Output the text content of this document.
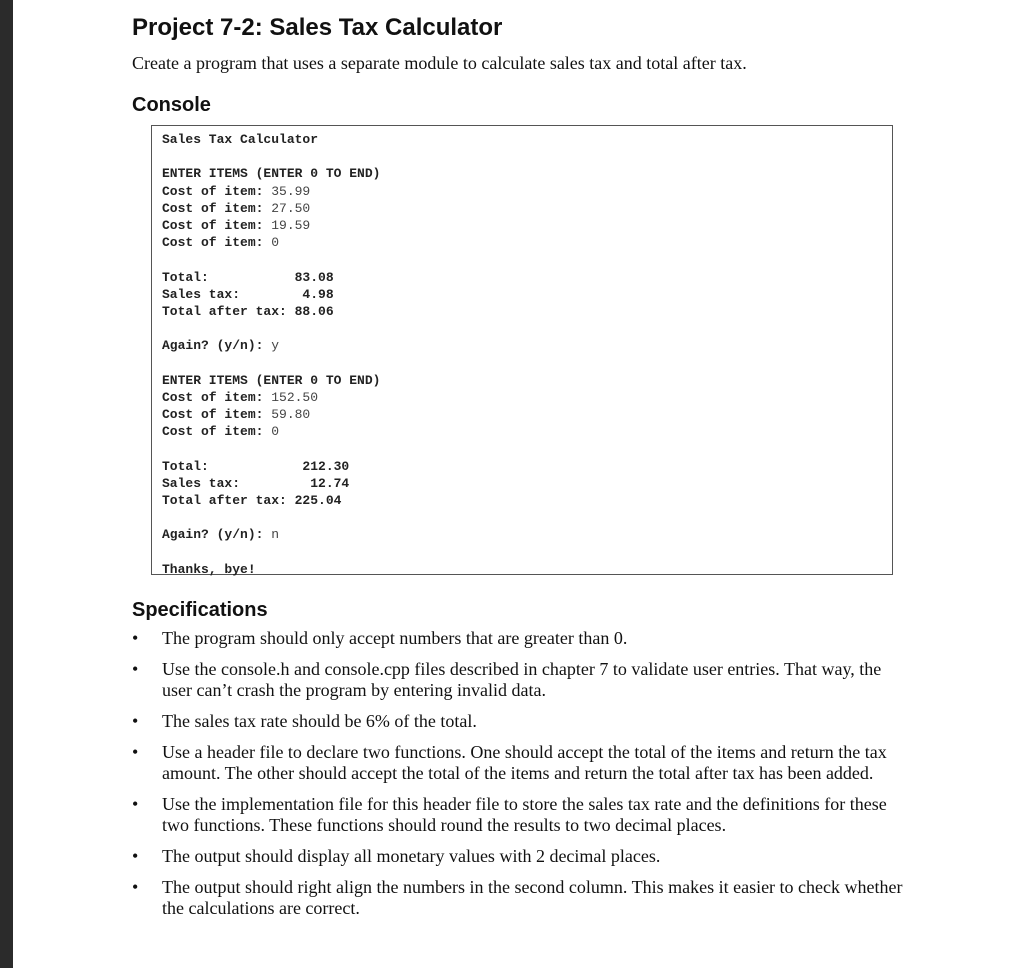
Project 7-2: Sales Tax Calculator

Create a program that uses a separate module to calculate sales tax and total after tax.

Console
Sales Tax Calculator
ENTER ITEMS (ENTER 0 TO END)
Cost of item: 35.99
Cost of item: 27.50
Cost of item: 19.59
Cost of item: 0
Total:           83.08
Sales tax:        4.98
Total after tax: 88.06
Again? (y/n): y
ENTER ITEMS (ENTER 0 TO END)
Cost of item: 152.50
Cost of item: 59.80
Cost of item: 0
Total:            212.30
Sales tax:         12.74
Total after tax: 225.04
Again? (y/n): n
Thanks, bye!
Specifications
•	The program should only accept numbers that are greater than 0.
•	Use the console.h and console.cpp files described in chapter 7 to validate user entries. That way, the user can’t crash the program by entering invalid data.
•	The sales tax rate should be 6% of the total.
•	Use a header file to declare two functions. One should accept the total of the items and return the tax amount. The other should accept the total of the items and return the total after tax has been added.
•	Use the implementation file for this header file to store the sales tax rate and the definitions for these two functions. These functions should round the results to two decimal places.
•	The output should display all monetary values with 2 decimal places.
•	The output should right align the numbers in the second column. This makes it easier to check whether the calculations are correct.
